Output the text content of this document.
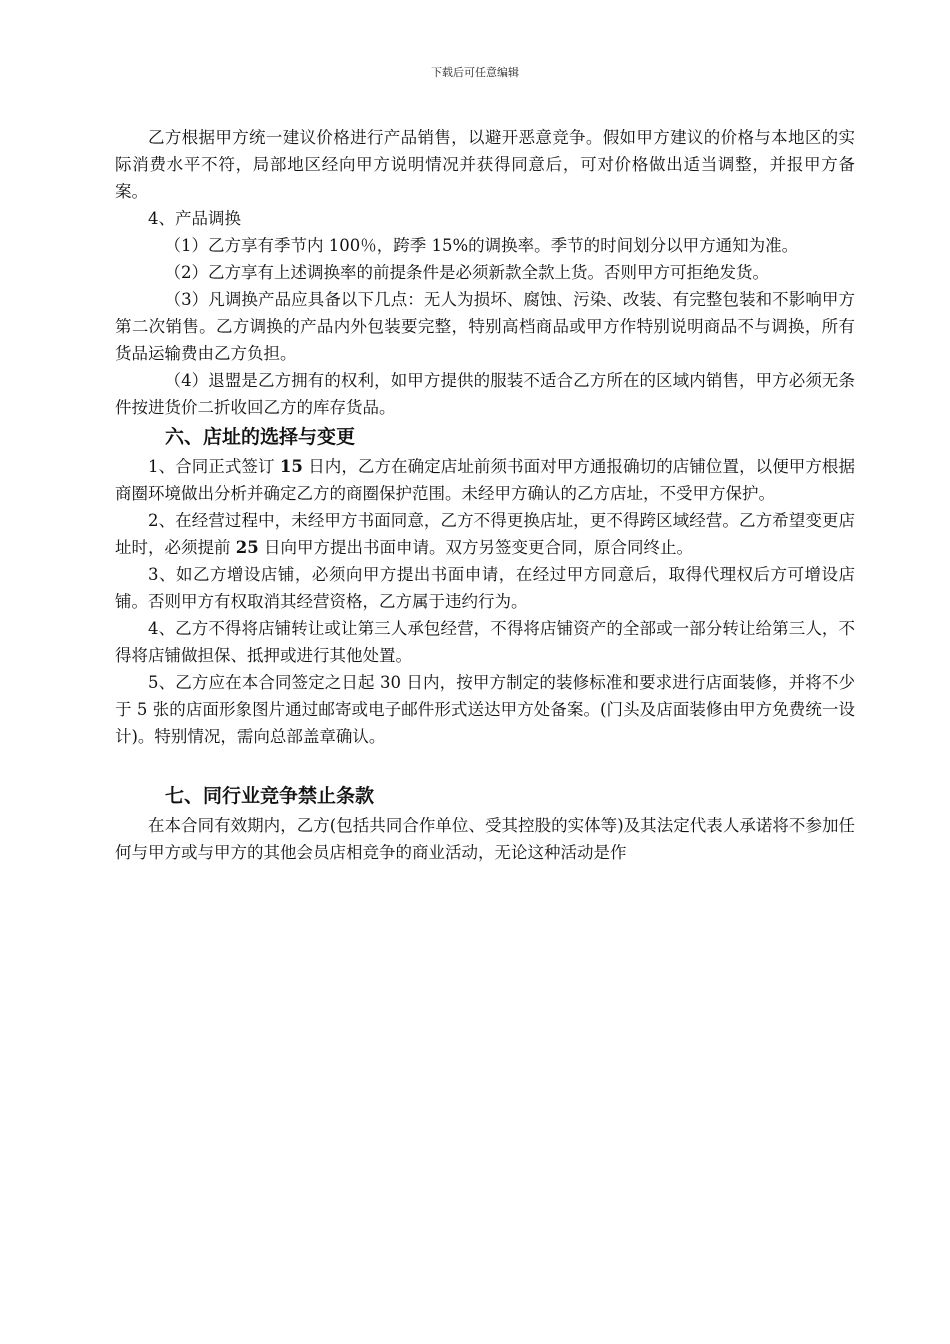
下载后可任意编辑

乙方根据甲方统一建议价格进行产品销售，以避开恶意竞争。假如甲方建议的价格与本地区的实际消费水平不符，局部地区经向甲方说明情况并获得同意后，可对价格做出适当调整，并报甲方备案。

4、产品调换

（1）乙方享有季节内 100％，跨季 15%的调换率。季节的时间划分以甲方通知为准。

（2）乙方享有上述调换率的前提条件是必须新款全款上货。否则甲方可拒绝发货。

（3）凡调换产品应具备以下几点：无人为损坏、腐蚀、污染、改装、有完整包装和不影响甲方第二次销售。乙方调换的产品内外包装要完整，特别高档商品或甲方作特别说明商品不与调换，所有货品运输费由乙方负担。

（4）退盟是乙方拥有的权利，如甲方提供的服装不适合乙方所在的区域内销售，甲方必须无条件按进货价二折收回乙方的库存货品。

六、店址的选择与变更

1、合同正式签订 15 日内，乙方在确定店址前须书面对甲方通报确切的店铺位置，以便甲方根据商圈环境做出分析并确定乙方的商圈保护范围。未经甲方确认的乙方店址，不受甲方保护。

2、在经营过程中，未经甲方书面同意，乙方不得更换店址，更不得跨区域经营。乙方希望变更店址时，必须提前 25 日向甲方提出书面申请。双方另签变更合同，原合同终止。

3、如乙方增设店铺，必须向甲方提出书面申请，在经过甲方同意后，取得代理权后方可增设店铺。否则甲方有权取消其经营资格，乙方属于违约行为。

4、乙方不得将店铺转让或让第三人承包经营，不得将店铺资产的全部或一部分转让给第三人，不得将店铺做担保、抵押或进行其他处置。

5、乙方应在本合同签定之日起 30 日内，按甲方制定的装修标准和要求进行店面装修，并将不少于 5 张的店面形象图片通过邮寄或电子邮件形式送达甲方处备案。(门头及店面装修由甲方免费统一设计)。特别情况，需向总部盖章确认。

七、同行业竞争禁止条款

在本合同有效期内，乙方(包括共同合作单位、受其控股的实体等)及其法定代表人承诺将不参加任何与甲方或与甲方的其他会员店相竞争的商业活动，无论这种活动是作
